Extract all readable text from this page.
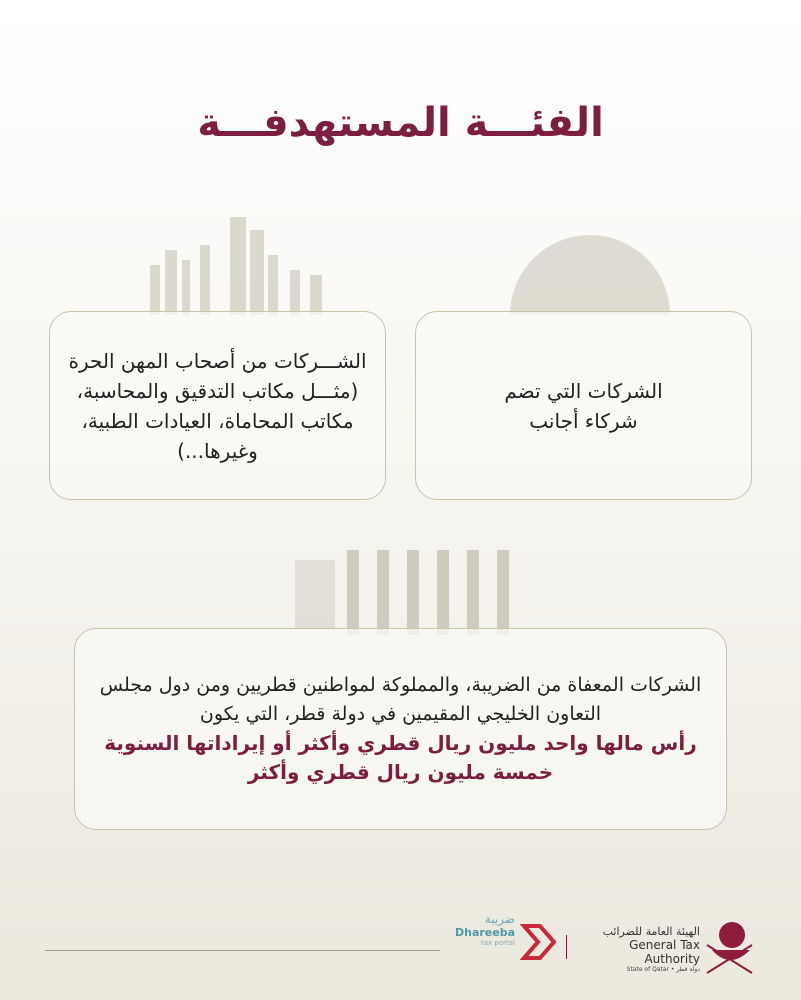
الفئـــة المستهدفـــة
الشركات التي تضم شركاء أجانب
الشـــركات من أصحاب المهن الحرة (مثـــل مكاتب التدقيق والمحاسبة، مكاتب المحاماة، العيادات الطبية، وغيرها...)
الشركات المعفاة من الضريبة، والمملوكة لمواطنين قطريين ومن دول مجلس التعاون الخليجي المقيمين في دولة قطر، التي يكون
رأس مالها واحد مليون ريال قطري وأكثر أو إيراداتها السنوية خمسة مليون ريال قطري وأكثر
ضريبة
Dhareeba
tax portal
الهيئة العامة للضرائب
General Tax Authority
State of Qatar • دولة قطر
